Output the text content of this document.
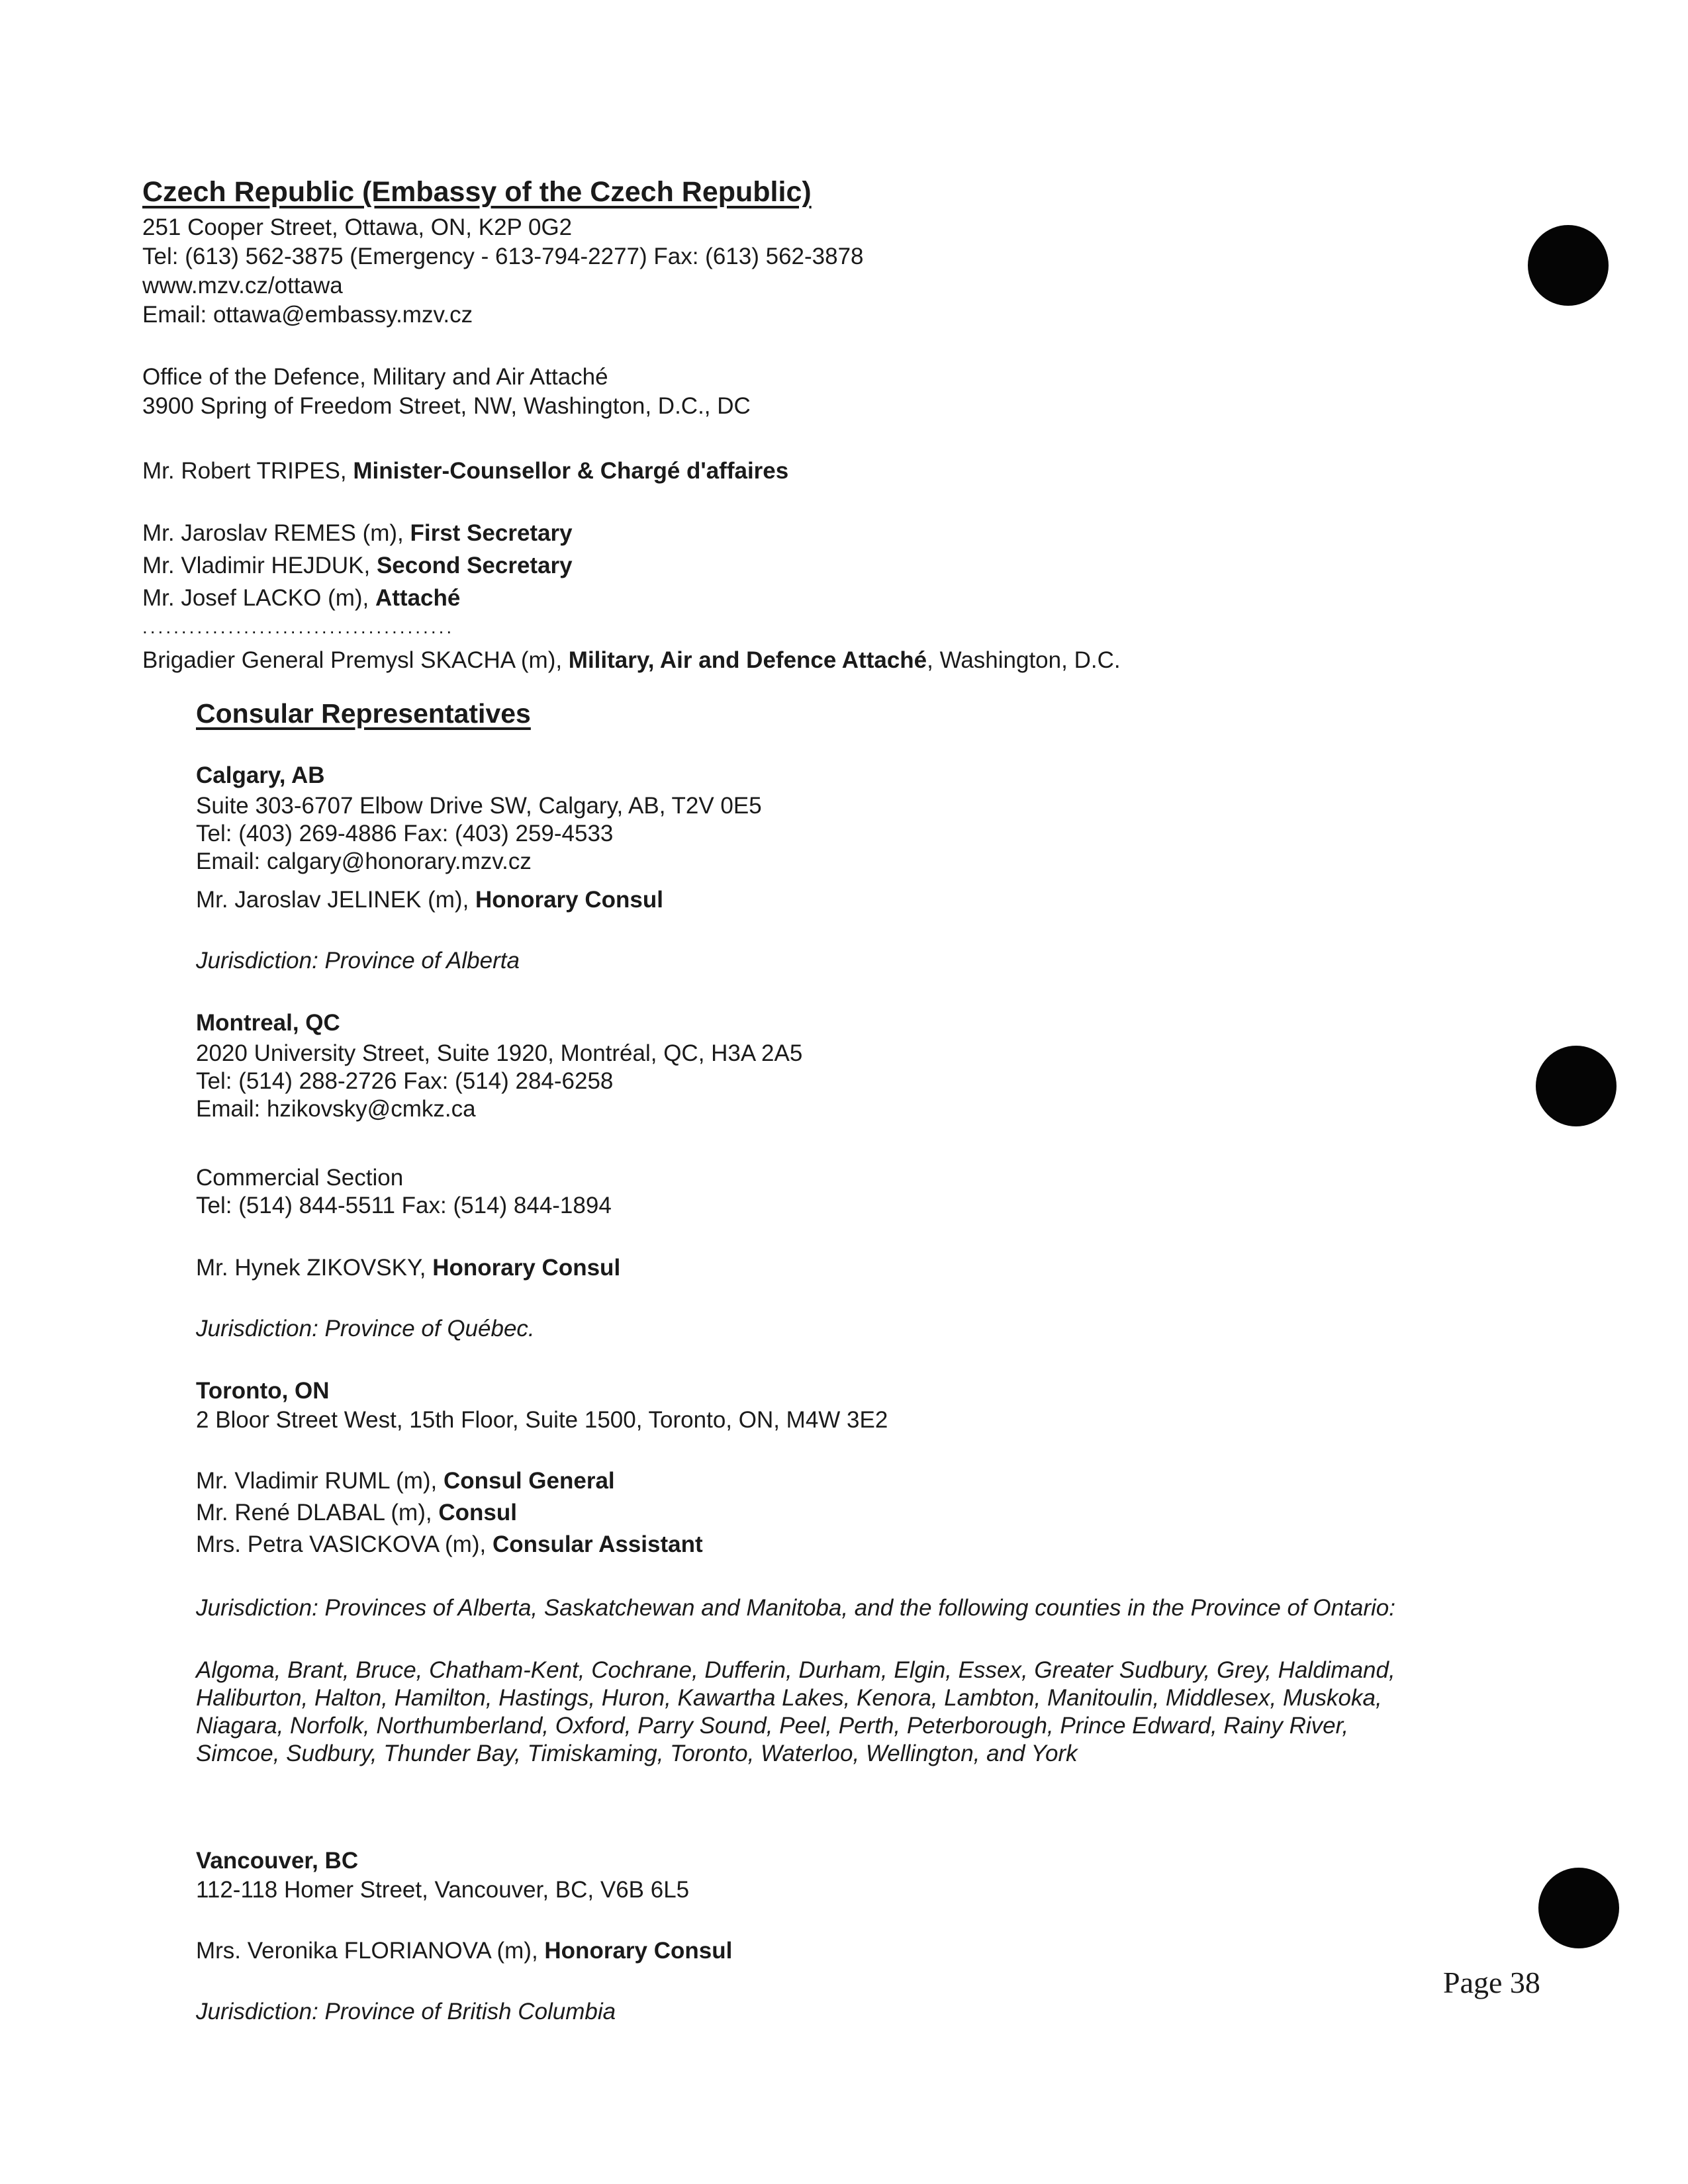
Czech Republic (Embassy of the Czech Republic)
251 Cooper Street, Ottawa, ON, K2P 0G2
Tel: (613) 562-3875 (Emergency - 613-794-2277) Fax: (613) 562-3878
www.mzv.cz/ottawa
Email: ottawa@embassy.mzv.cz
Office of the Defence, Military and Air Attaché
3900 Spring of Freedom Street, NW, Washington, D.C., DC
Mr. Robert TRIPES, Minister-Counsellor & Chargé d'affaires
Mr. Jaroslav REMES (m), First Secretary
Mr. Vladimir HEJDUK, Second Secretary
Mr. Josef LACKO (m), Attaché
........................................
Brigadier General Premysl SKACHA (m), Military, Air and Defence Attaché, Washington, D.C.
Consular Representatives
Calgary, AB
Suite 303-6707 Elbow Drive SW, Calgary, AB, T2V 0E5
Tel: (403) 269-4886 Fax: (403) 259-4533
Email: calgary@honorary.mzv.cz
Mr. Jaroslav JELINEK (m), Honorary Consul
Jurisdiction: Province of Alberta
Montreal, QC
2020 University Street, Suite 1920, Montréal, QC, H3A 2A5
Tel: (514) 288-2726 Fax: (514) 284-6258
Email: hzikovsky@cmkz.ca
Commercial Section
Tel: (514) 844-5511 Fax: (514) 844-1894
Mr. Hynek ZIKOVSKY, Honorary Consul
Jurisdiction: Province of Québec.
Toronto, ON
2 Bloor Street West, 15th Floor, Suite 1500, Toronto, ON, M4W 3E2
Mr. Vladimir RUML (m), Consul General
Mr. René DLABAL (m), Consul
Mrs. Petra VASICKOVA (m), Consular Assistant
Jurisdiction: Provinces of Alberta, Saskatchewan and Manitoba, and the following counties in the Province of Ontario:
Algoma, Brant, Bruce, Chatham-Kent, Cochrane, Dufferin, Durham, Elgin, Essex, Greater Sudbury, Grey, Haldimand,
Haliburton, Halton, Hamilton, Hastings, Huron, Kawartha Lakes, Kenora, Lambton, Manitoulin, Middlesex, Muskoka,
Niagara, Norfolk, Northumberland, Oxford, Parry Sound, Peel, Perth, Peterborough, Prince Edward, Rainy River,
Simcoe, Sudbury, Thunder Bay, Timiskaming, Toronto, Waterloo, Wellington, and York
Vancouver, BC
112-118 Homer Street, Vancouver, BC, V6B 6L5
Mrs. Veronika FLORIANOVA (m), Honorary Consul
Jurisdiction: Province of British Columbia
Page 38
